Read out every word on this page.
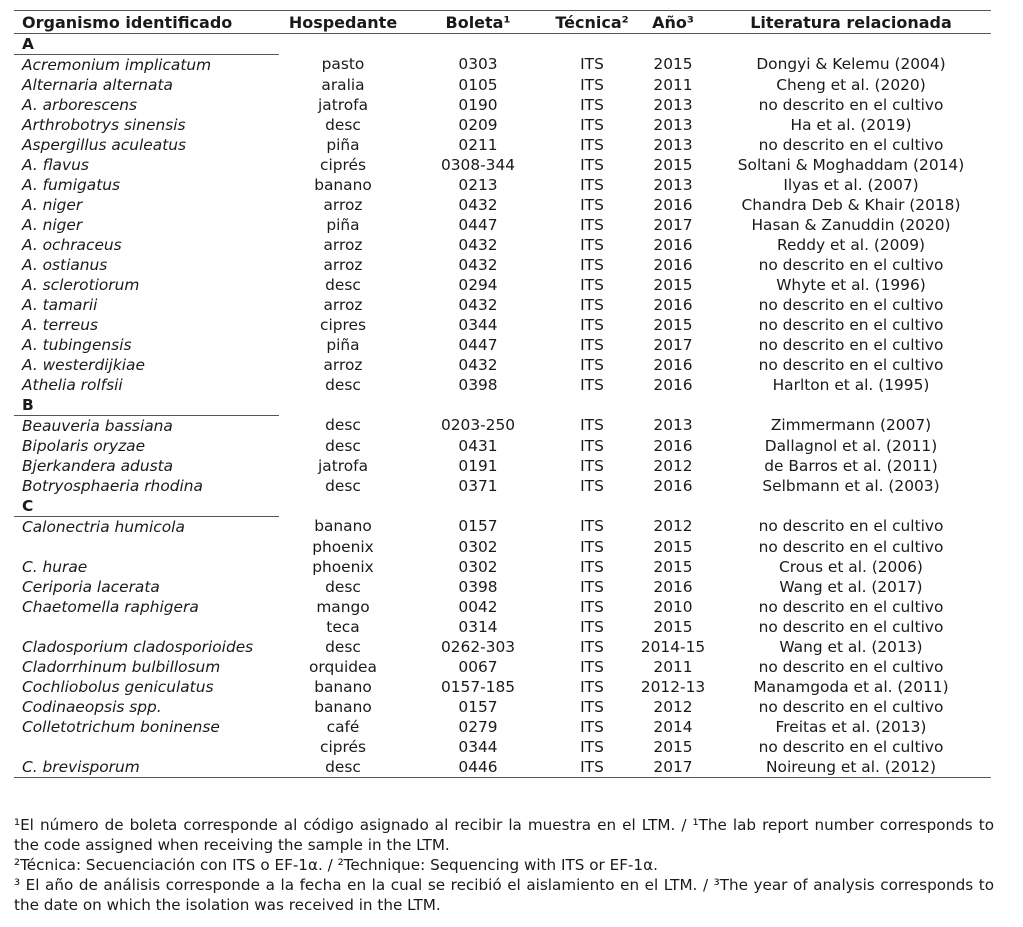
Organismo identificado	Hospedante	Boleta¹	Técnica²	Año³	Literatura relacionada
A					
Acremonium implicatum	pasto	0303	ITS	2015	Dongyi & Kelemu (2004)
Alternaria alternata	aralia	0105	ITS	2011	Cheng et al. (2020)
A. arborescens	jatrofa	0190	ITS	2013	no descrito en el cultivo
Arthrobotrys sinensis	desc	0209	ITS	2013	Ha et al. (2019)
Aspergillus aculeatus	piña	0211	ITS	2013	no descrito en el cultivo
A. flavus	ciprés	0308-344	ITS	2015	Soltani & Moghaddam (2014)
A. fumigatus	banano	0213	ITS	2013	Ilyas et al. (2007)
A. niger	arroz	0432	ITS	2016	Chandra Deb & Khair (2018)
A. niger	piña	0447	ITS	2017	Hasan & Zanuddin (2020)
A. ochraceus	arroz	0432	ITS	2016	Reddy et al. (2009)
A. ostianus	arroz	0432	ITS	2016	no descrito en el cultivo
A. sclerotiorum	desc	0294	ITS	2015	Whyte et al. (1996)
A. tamarii	arroz	0432	ITS	2016	no descrito en el cultivo
A. terreus	cipres	0344	ITS	2015	no descrito en el cultivo
A. tubingensis	piña	0447	ITS	2017	no descrito en el cultivo
A. westerdijkiae	arroz	0432	ITS	2016	no descrito en el cultivo
Athelia rolfsii	desc	0398	ITS	2016	Harlton et al. (1995)
B					
Beauveria bassiana	desc	0203-250	ITS	2013	Zimmermann (2007)
Bipolaris oryzae	desc	0431	ITS	2016	Dallagnol et al. (2011)
Bjerkandera adusta	jatrofa	0191	ITS	2012	de Barros et al. (2011)
Botryosphaeria rhodina	desc	0371	ITS	2016	Selbmann et al. (2003)
C					
Calonectria humicola	banano	0157	ITS	2012	no descrito en el cultivo
	phoenix	0302	ITS	2015	no descrito en el cultivo
C. hurae	phoenix	0302	ITS	2015	Crous et al. (2006)
Ceriporia lacerata	desc	0398	ITS	2016	Wang et al. (2017)
Chaetomella raphigera	mango	0042	ITS	2010	no descrito en el cultivo
	teca	0314	ITS	2015	no descrito en el cultivo
Cladosporium cladosporioides	desc	0262-303	ITS	2014-15	Wang et al. (2013)
Cladorrhinum bulbillosum	orquidea	0067	ITS	2011	no descrito en el cultivo
Cochliobolus geniculatus	banano	0157-185	ITS	2012-13	Manamgoda et al. (2011)
Codinaeopsis spp.	banano	0157	ITS	2012	no descrito en el cultivo
Colletotrichum boninense	café	0279	ITS	2014	Freitas et al. (2013)
	ciprés	0344	ITS	2015	no descrito en el cultivo
C. brevisporum	desc	0446	ITS	2017	Noireung et al. (2012)

¹El número de boleta corresponde al código asignado al recibir la muestra en el LTM. / ¹The lab report number corresponds to the code assigned when receiving the sample in the LTM.

²Técnica: Secuenciación con ITS o EF-1α. / ²Technique: Sequencing with ITS or EF-1α.

³ El año de análisis corresponde a la fecha en la cual se recibió el aislamiento en el LTM. / ³The year of analysis corresponds to the date on which the isolation was received in the LTM.
